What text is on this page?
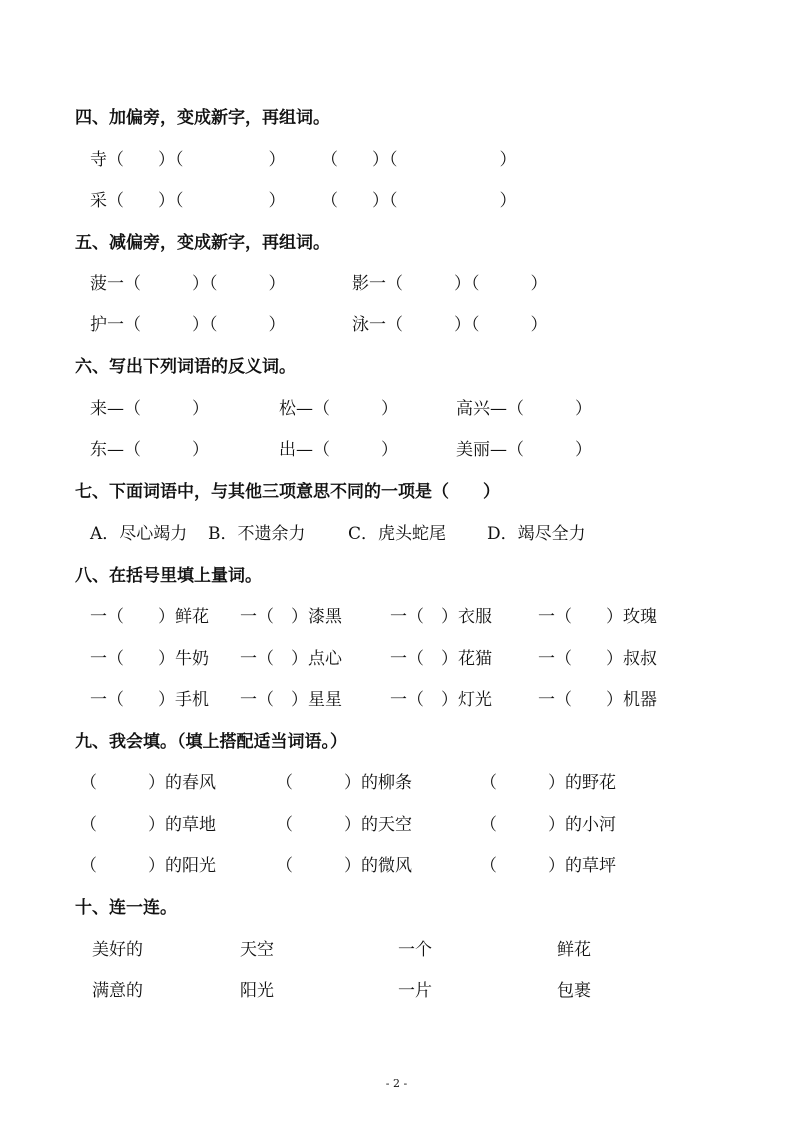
四、加偏旁，变成新字，再组词。
寺（　　）（　　　　　） （　　）（　　　　　　）
采（　　）（　　　　　） （　　）（　　　　　　）
五、减偏旁，变成新字，再组词。
菠一（　　　）（　　　）	影一（　　　）（　　　）
护一（　　　）（　　　）	泳一（　　　）（　　　）
六、写出下列词语的反义词。
来—（　　　）	松—（　　　）	高兴—（　　　）
东—（　　　）	出—（　　　）	美丽—（　　　）
七、下面词语中，与其他三项意思不同的一项是（　　）
A．尽心竭力 B．不遗余力	C．虎头蛇尾 D．竭尽全力
八、在括号里填上量词。
一（　　）鲜花 一（　）漆黑	一（　）衣服	一（　　）玫瑰
一（　　）牛奶 一（　）点心	一（　）花猫	一（　　）叔叔
一（　　）手机 一（　）星星	一（　）灯光	一（　　）机器
九、我会填。（填上搭配适当词语。）
（　　　）的春风	（　　　）的柳条	（　　　）的野花
（　　　）的草地	（　　　）的天空	（　　　）的小河
（　　　）的阳光	（　　　）的微风	（　　　）的草坪
十、连一连。
美好的	天空	一个	鲜花
满意的	阳光	一片	包裹
- 2 -
